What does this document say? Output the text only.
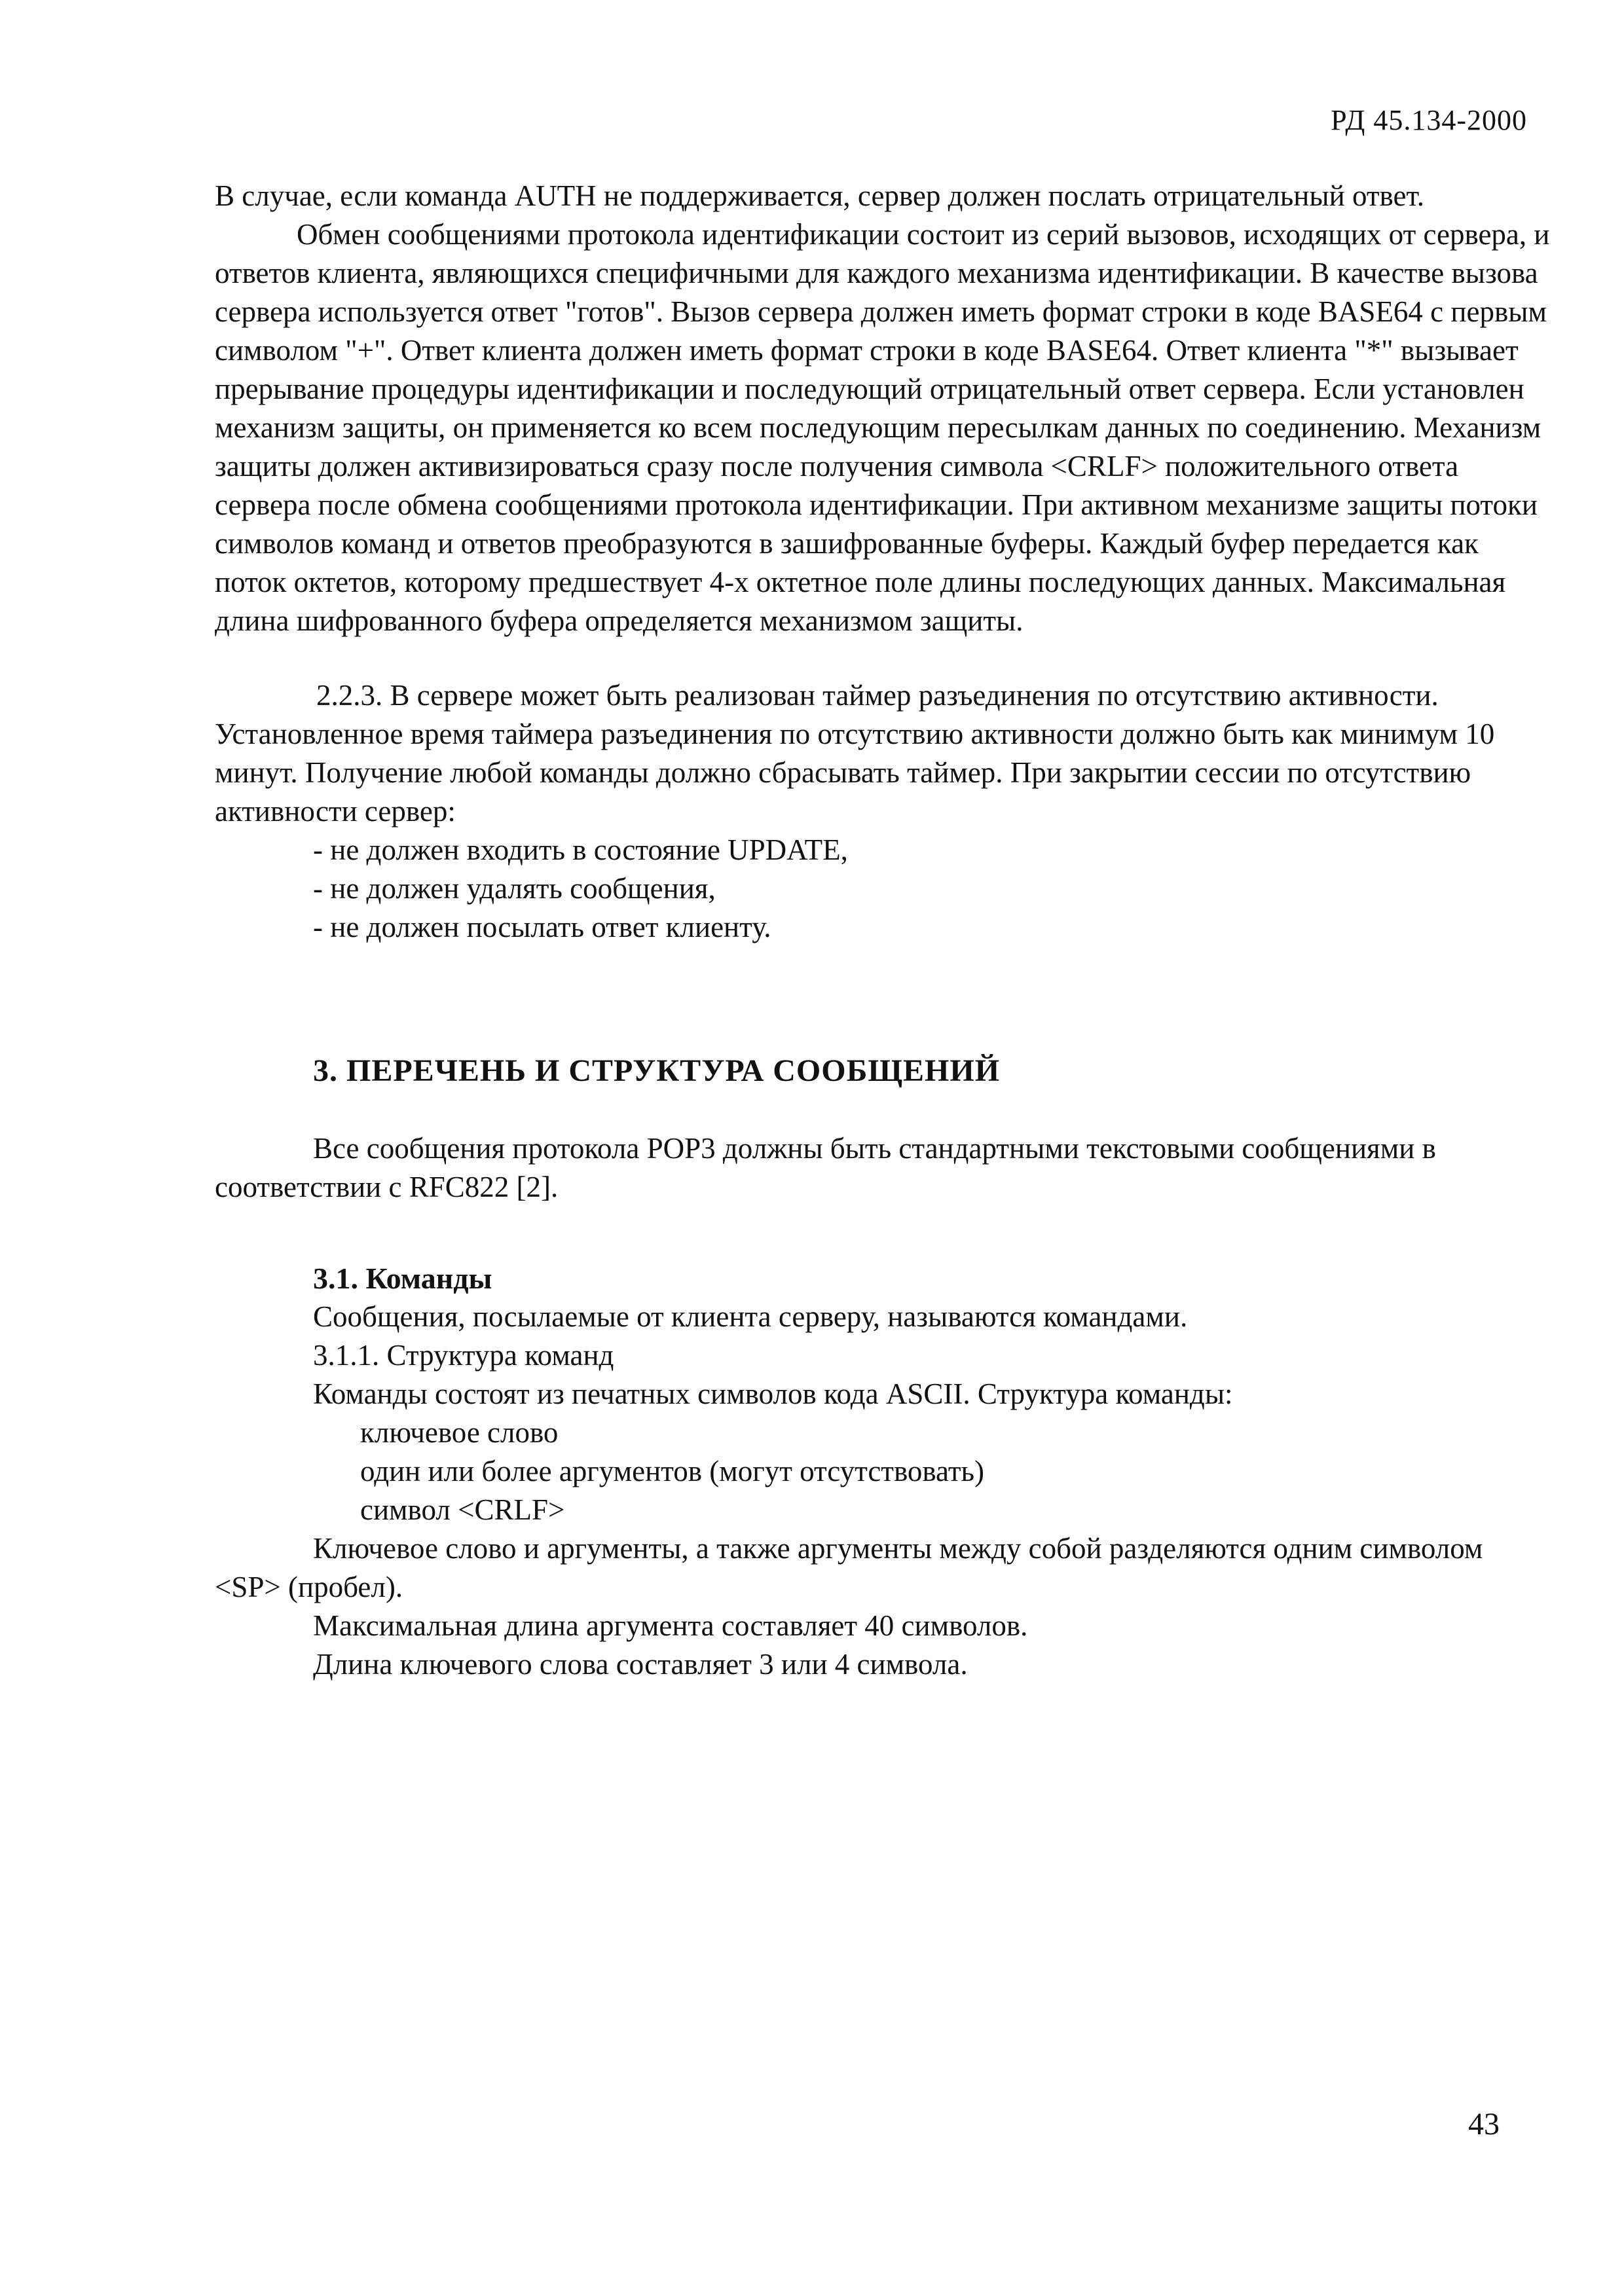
РД 45.134-2000

В случае, если команда AUTH не поддерживается, сервер должен послать отрицательный ответ.

Обмен сообщениями протокола идентификации состоит из серий вызовов, исходящих от сервера, и ответов клиента, являющихся специфичными для каждого механизма идентификации. В качестве вызова сервера используется ответ "готов". Вызов сервера должен иметь формат строки в коде BASE64 с первым символом "+". Ответ клиента должен иметь формат строки в коде BASE64. Ответ клиента "*" вызывает прерывание процедуры идентификации и последующий отрицательный ответ сервера. Если установлен механизм защиты, он применяется ко всем последующим пересылкам данных по соединению. Механизм защиты должен активизироваться сразу после получения символа <CRLF> положительного ответа сервера после обмена сообщениями протокола идентификации. При активном механизме защиты потоки символов команд и ответов преобразуются в зашифрованные буферы. Каждый буфер передается как поток октетов, которому предшествует 4-х октетное поле длины последующих данных. Максимальная длина шифрованного буфера определяется механизмом защиты.

2.2.3. В сервере может быть реализован таймер разъединения по отсутствию активности. Установленное время таймера разъединения по отсутствию активности должно быть как минимум 10 минут. Получение любой команды должно сбрасывать таймер. При закрытии сессии по отсутствию активности сервер:

- не должен входить в состояние UPDATE,
- не должен удалять сообщения,
- не должен посылать ответ клиенту.
3. ПЕРЕЧЕНЬ И СТРУКТУРА СООБЩЕНИЙ

Все сообщения протокола POP3 должны быть стандартными текстовыми сообщениями в соответствии с RFC822 [2].

3.1. Команды

Сообщения, посылаемые от клиента серверу, называются командами.

3.1.1. Структура команд

Команды состоят из печатных символов кода ASCII. Структура команды:

ключевое слово
один или более аргументов (могут отсутствовать)
символ <CRLF>

Ключевое слово и аргументы, а также аргументы между собой разделяются одним символом <SP> (пробел).

Максимальная длина аргумента составляет 40 символов.

Длина ключевого слова составляет 3 или 4 символа.

43
